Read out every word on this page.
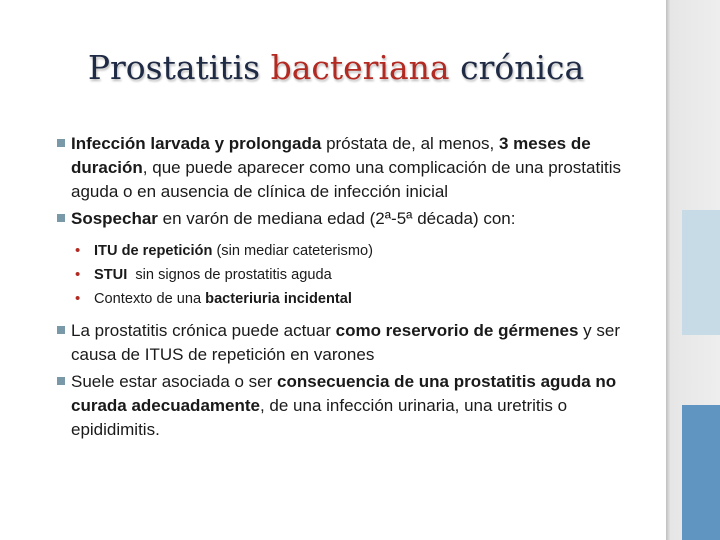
Prostatitis bacteriana crónica
Infección larvada y prolongada próstata de, al menos, 3 meses de duración, que puede aparecer como una complicación de una prostatitis aguda o en ausencia de clínica de infección inicial
Sospechar en varón de mediana edad (2ª-5ª década) con:
• ITU de repetición (sin mediar cateterismo)
• STUI  sin signos de prostatitis aguda
• Contexto de una bacteriuria incidental
La prostatitis crónica puede actuar como reservorio de gérmenes y ser causa de ITUS de repetición en varones
Suele estar asociada o ser consecuencia de una prostatitis aguda no curada adecuadamente, de una infección urinaria, una uretritis o epididimitis.
